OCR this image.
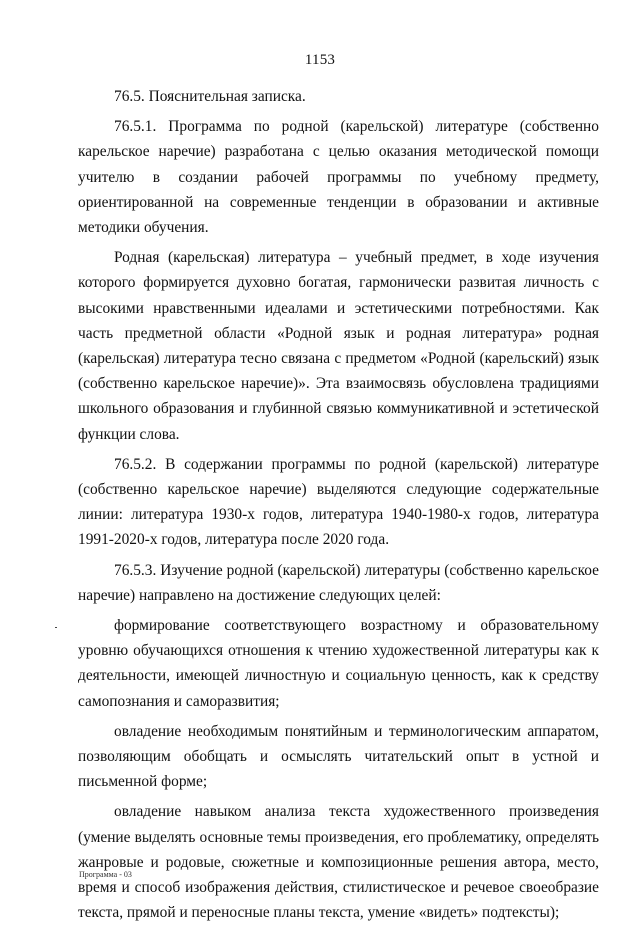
1153

76.5. Пояснительная записка.

76.5.1. Программа по родной (карельской) литературе (собственно карельское наречие) разработана с целью оказания методической помощи учителю в создании рабочей программы по учебному предмету, ориентированной на современные тенденции в образовании и активные методики обучения.

Родная (карельская) литература – учебный предмет, в ходе изучения которого формируется духовно богатая, гармонически развитая личность с высокими нравственными идеалами и эстетическими потребностями. Как часть предметной области «Родной язык и родная литература» родная (карельская) литература тесно связана с предметом «Родной (карельский) язык (собственно карельское наречие)». Эта взаимосвязь обусловлена традициями школьного образования и глубинной связью коммуникативной и эстетической функции слова.

76.5.2. В содержании программы по родной (карельской) литературе (собственно карельское наречие) выделяются следующие содержательные линии: литература 1930-х годов, литература 1940-1980-х годов, литература 1991-2020-х годов, литература после 2020 года.

76.5.3. Изучение родной (карельской) литературы (собственно карельское наречие) направлено на достижение следующих целей:

формирование соответствующего возрастному и образовательному уровню обучающихся отношения к чтению художественной литературы как к деятельности, имеющей личностную и социальную ценность, как к средству самопознания и саморазвития;

овладение необходимым понятийным и терминологическим аппаратом, позволяющим обобщать и осмыслять читательский опыт в устной и письменной форме;

овладение навыком анализа текста художественного произведения (умение выделять основные темы произведения, его проблематику, определять жанровые и родовые, сюжетные и композиционные решения автора, место, время и способ изображения действия, стилистическое и речевое своеобразие текста, прямой и переносные планы текста, умение «видеть» подтексты);

Программа - 03
